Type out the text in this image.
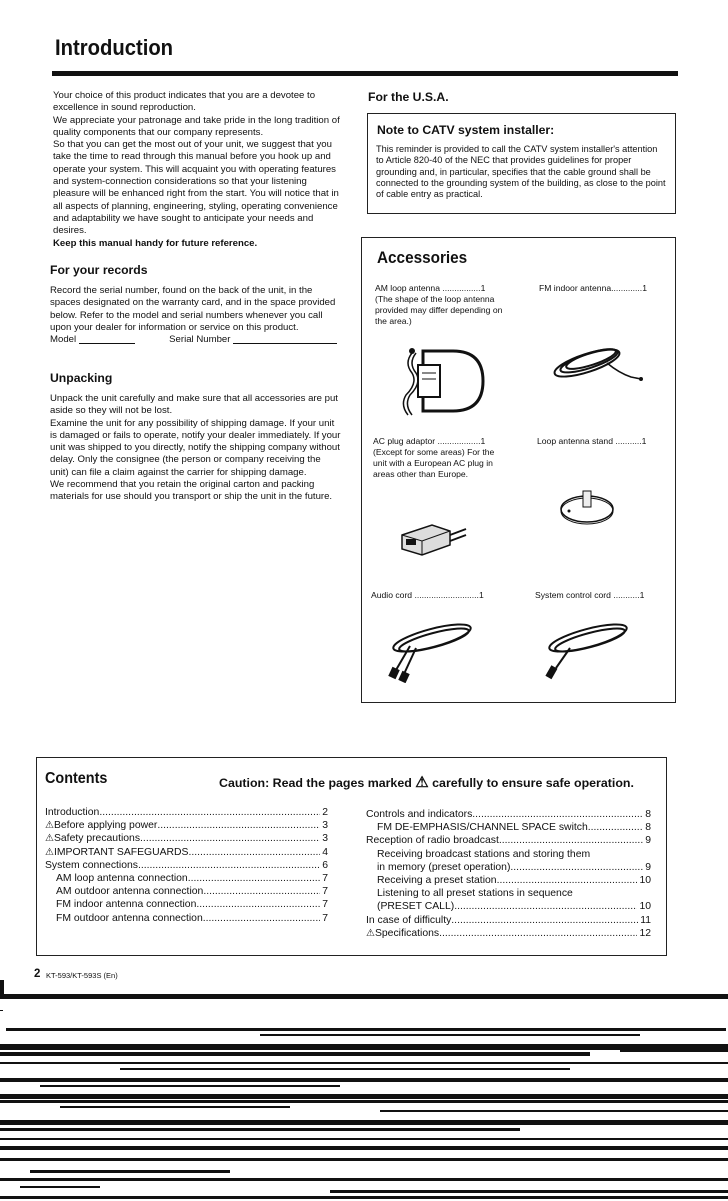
Introduction

Your choice of this product indicates that you are a devotee to excellence in sound reproduction.

We appreciate your patronage and take pride in the long tradition of quality components that our company represents.

So that you can get the most out of your unit, we suggest that you take the time to read through this manual before you hook up and operate your system. This will acquaint you with operating features and system-connection considerations so that your listening pleasure will be enhanced right from the start. You will notice that in all aspects of planning, engineering, styling, operating convenience and adaptability we have sought to anticipate your needs and desires.

Keep this manual handy for future reference.

For your records

Record the serial number, found on the back of the unit, in the spaces designated on the warranty card, and in the space provided below. Refer to the model and serial numbers whenever you call upon your dealer for information or service on this product.

Model	Serial Number
Unpacking

Unpack the unit carefully and make sure that all accessories are put aside so they will not be lost.

Examine the unit for any possibility of shipping damage. If your unit is damaged or fails to operate, notify your dealer immediately. If your unit was shipped to you directly, notify the shipping company without delay. Only the consignee (the person or company receiving the unit) can file a claim against the carrier for shipping damage.

We recommend that you retain the original carton and packing materials for use should you transport or ship the unit in the future.

For the U.S.A.
Note to CATV system installer:
This reminder is provided to call the CATV system installer's attention to Article 820-40 of the NEC that provides guidelines for proper grounding and, in particular, specifies that the cable ground shall be connected to the grounding system of the building, as close to the point of cable entry as practical.
Accessories

AM loop antenna ................1

(The shape of the loop antenna provided may differ depending on the area.)

FM indoor antenna.............1

AC plug adaptor ..................1

(Except for some areas) For the unit with a European AC plug in areas other than Europe.

Loop antenna stand ...........1

Audio cord ...........................1	System control cord ...........1

Contents	Caution: Read the pages marked ⚠ carefully to ensure safe operation.
Introduction .....	2
⚠ Before applying power .....	3
⚠ Safety precautions .....	3
⚠ IMPORTANT SAFEGUARDS .....	4
System connections .....	6
AM loop antenna connection .....	7
AM outdoor antenna connection .....	7
FM indoor antenna connection .....	7
FM outdoor antenna connection .....	7
Controls and indicators .....	8
FM DE-EMPHASIS/CHANNEL SPACE switch .....	8
Reception of radio broadcast .....	9
Receiving broadcast stations and storing them
in memory (preset operation) .....	9
Receiving a preset station .....	10
Listening to all preset stations in sequence
(PRESET CALL) .....	10
In case of difficulty .....	11
⚠ Specifications .....	12
2 KT-593/KT-593S (En)
